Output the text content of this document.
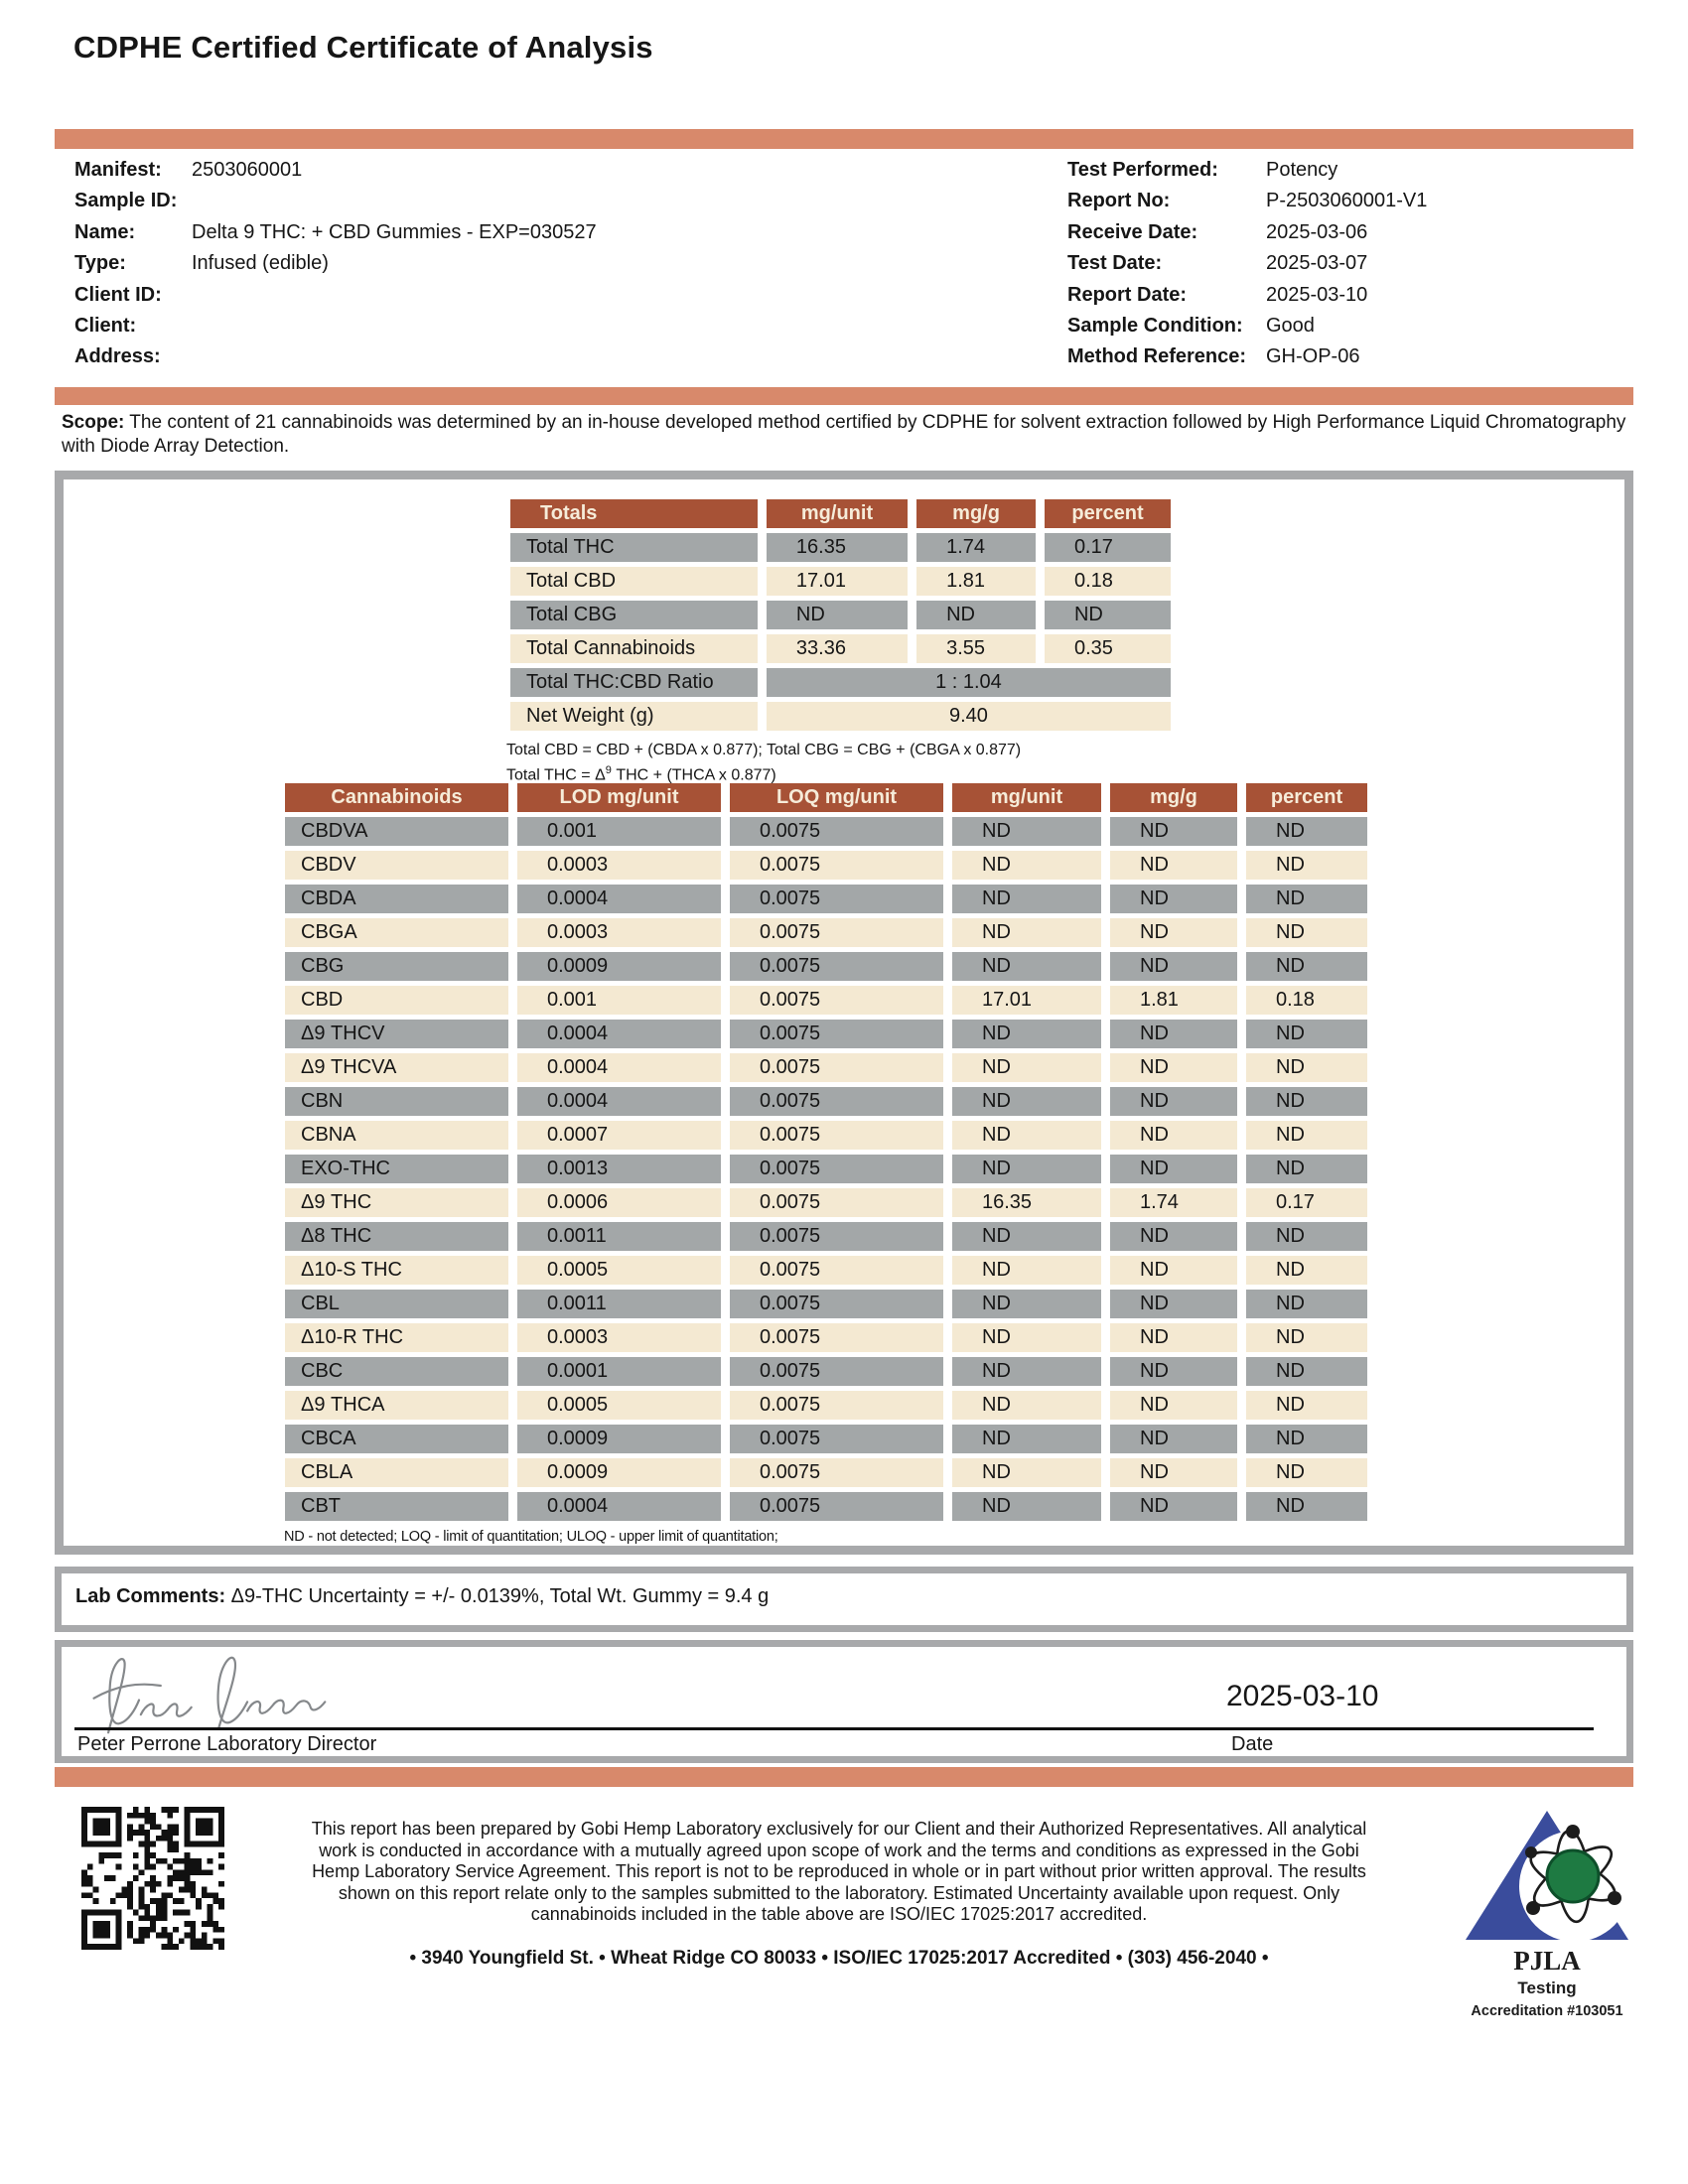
CDPHE Certified Certificate of Analysis
Manifest:	2503060001
Sample ID:
Name:	Delta 9 THC: + CBD Gummies - EXP=030527
Type:	Infused (edible)
Client ID:
Client:
Address:
Test Performed:	Potency
Report No:	P-2503060001-V1
Receive Date:	2025-03-06
Test Date:	2025-03-07
Report Date:	2025-03-10
Sample Condition:	Good
Method Reference: GH-OP-06
Scope: The content of 21 cannabinoids was determined by an in-house developed method certified by CDPHE for solvent extraction followed by High Performance Liquid Chromatography with Diode Array Detection.
Totals	mg/unit	mg/g	percent
Total THC	16.35	1.74	0.17
Total CBD	17.01	1.81	0.18
Total CBG	ND	ND	ND
Total Cannabinoids	33.36	3.55	0.35
Total THC:CBD Ratio	1 : 1.04		
Net Weight (g)	9.40		
Total CBD = CBD + (CBDA x 0.877); Total CBG = CBG + (CBGA x 0.877)
Total THC = $\Delta^9$ THC + (THCA x 0.877)
Cannabinoids	LOD mg/unit	LOQ mg/unit	mg/unit	mg/g	percent
CBDVA	0.001	0.0075	ND	ND	ND
CBDV	0.0003	0.0075	ND	ND	ND
CBDA	0.0004	0.0075	ND	ND	ND
CBGA	0.0003	0.0075	ND	ND	ND
CBG	0.0009	0.0075	ND	ND	ND
CBD	0.001	0.0075	17.01	1.81	0.18
Δ9 THCV	0.0004	0.0075	ND	ND	ND
Δ9 THCVA	0.0004	0.0075	ND	ND	ND
CBN	0.0004	0.0075	ND	ND	ND
CBNA	0.0007	0.0075	ND	ND	ND
EXO-THC	0.0013	0.0075	ND	ND	ND
Δ9 THC	0.0006	0.0075	16.35	1.74	0.17
Δ8 THC	0.0011	0.0075	ND	ND	ND
Δ10-S THC	0.0005	0.0075	ND	ND	ND
CBL	0.0011	0.0075	ND	ND	ND
Δ10-R THC	0.0003	0.0075	ND	ND	ND
CBC	0.0001	0.0075	ND	ND	ND
Δ9 THCA	0.0005	0.0075	ND	ND	ND
CBCA	0.0009	0.0075	ND	ND	ND
CBLA	0.0009	0.0075	ND	ND	ND
CBT	0.0004	0.0075	ND	ND	ND
ND - not detected; LOQ - limit of quantitation; ULOQ - upper limit of quantitation;
Lab Comments: Δ9-THC Uncertainty = +/- 0.0139%, Total Wt. Gummy = 9.4 g
2025-03-10
Peter Perrone Laboratory Director	Date
This report has been prepared by Gobi Hemp Laboratory exclusively for our Client and their Authorized Representatives. All analytical work is conducted in accordance with a mutually agreed upon scope of work and the terms and conditions as expressed in the Gobi Hemp Laboratory Service Agreement. This report is not to be reproduced in whole or in part without prior written approval. The results shown on this report relate only to the samples submitted to the laboratory. Estimated Uncertainty available upon request. Only cannabinoids included in the table above are ISO/IEC 17025:2017 accredited.
• 3940 Youngfield St. • Wheat Ridge CO 80033 • ISO/IEC 17025:2017 Accredited • (303) 456-2040 •	PJLA
Testing
Accreditation #103051
